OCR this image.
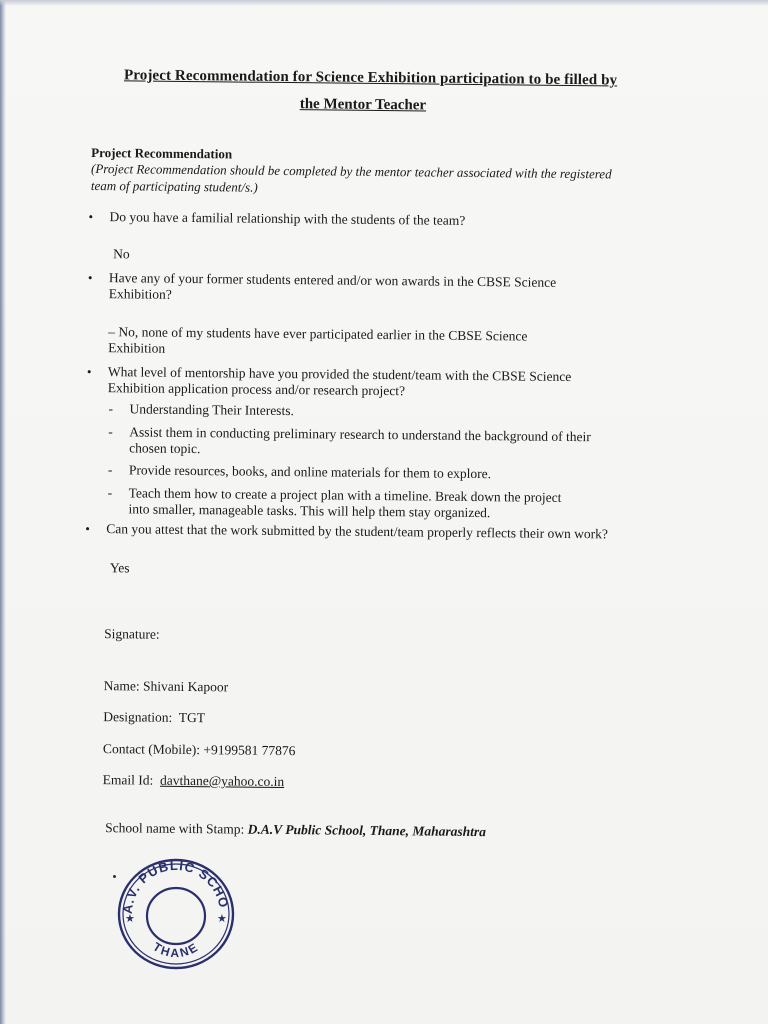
Project Recommendation for Science Exhibition participation to be filled by
the Mentor Teacher
Project Recommendation
(Project Recommendation should be completed by the mentor teacher associated with the registered team of participating student/s.)
• Do you have a familial relationship with the students of the team?
No
• Have any of your former students entered and/or won awards in the CBSE Science Exhibition?
– No, none of my students have ever participated earlier in the CBSE Science Exhibition
• What level of mentorship have you provided the student/team with the CBSE Science Exhibition application process and/or research project?
- Understanding Their Interests.
- Assist them in conducting preliminary research to understand the background of their chosen topic.
- Provide resources, books, and online materials for them to explore.
- Teach them how to create a project plan with a timeline. Break down the project into smaller, manageable tasks. This will help them stay organized.
• Can you attest that the work submitted by the student/team properly reflects their own work?
Yes
Signature:
Name: Shivani Kapoor
Designation: TGT
Contact (Mobile): +9199581 77876
Email Id: davthane@yahoo.co.in
School name with Stamp: D.A.V Public School, Thane, Maharashtra
A.V. PUBLIC SCHO
THANE
★	★
